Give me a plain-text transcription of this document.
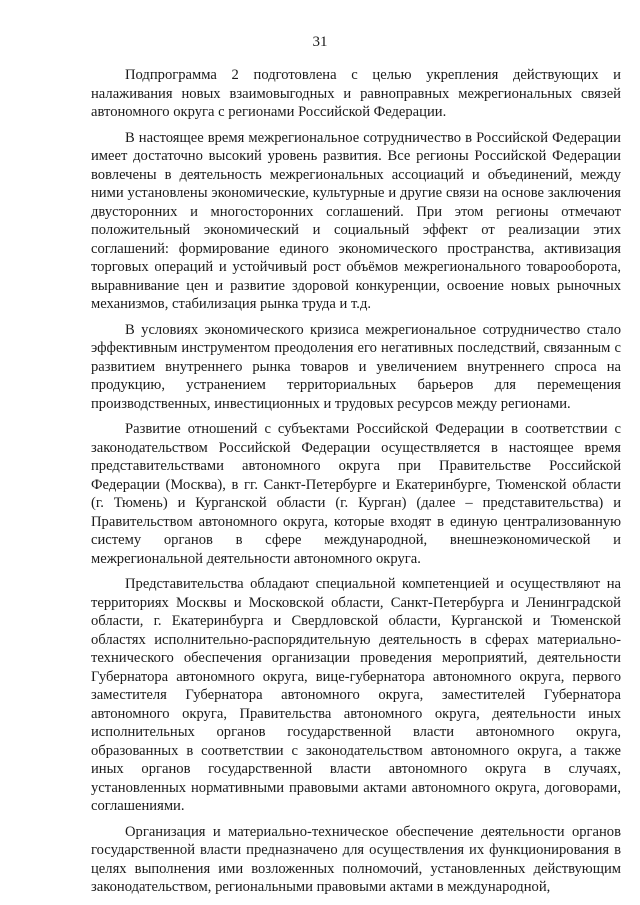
31

Подпрограмма 2 подготовлена с целью укрепления действующих и налаживания новых взаимовыгодных и равноправных межрегиональных связей автономного округа с регионами Российской Федерации.

В настоящее время межрегиональное сотрудничество в Российской Федерации имеет достаточно высокий уровень развития. Все регионы Российской Федерации вовлечены в деятельность межрегиональных ассоциаций и объединений, между ними установлены экономические, культурные и другие связи на основе заключения двусторонних и многосторонних соглашений. При этом регионы отмечают положительный экономический и социальный эффект от реализации этих соглашений: формирование единого экономического пространства, активизация торговых операций и устойчивый рост объёмов межрегионального товарооборота, выравнивание цен и развитие здоровой конкуренции, освоение новых рыночных механизмов, стабилизация рынка труда и т.д.

В условиях экономического кризиса межрегиональное сотрудничество стало эффективным инструментом преодоления его негативных последствий, связанным с развитием внутреннего рынка товаров и увеличением внутреннего спроса на продукцию, устранением территориальных барьеров для перемещения производственных, инвестиционных и трудовых ресурсов между регионами.

Развитие отношений с субъектами Российской Федерации в соответствии с законодательством Российской Федерации осуществляется в настоящее время представительствами автономного округа при Правительстве Российской Федерации (Москва), в гг. Санкт-Петербурге и Екатеринбурге, Тюменской области (г. Тюмень) и Курганской области (г. Курган) (далее – представительства) и Правительством автономного округа, которые входят в единую централизованную систему органов в сфере международной, внешнеэкономической и межрегиональной деятельности автономного округа.

Представительства обладают специальной компетенцией и осуществляют на территориях Москвы и Московской области, Санкт-Петербурга и Ленинградской области, г. Екатеринбурга и Свердловской области, Курганской и Тюменской областях исполнительно-распорядительную деятельность в сферах материально-технического обеспечения организации проведения мероприятий, деятельности Губернатора автономного округа, вице-губернатора автономного округа, первого заместителя Губернатора автономного округа, заместителей Губернатора автономного округа, Правительства автономного округа, деятельности иных исполнительных органов государственной власти автономного округа, образованных в соответствии с законодательством автономного округа, а также иных органов государственной власти автономного округа в случаях, установленных нормативными правовыми актами автономного округа, договорами, соглашениями.

Организация и материально-техническое обеспечение деятельности органов государственной власти предназначено для осуществления их функционирования в целях выполнения ими возложенных полномочий, установленных действующим законодательством, региональными правовыми актами в международной,
